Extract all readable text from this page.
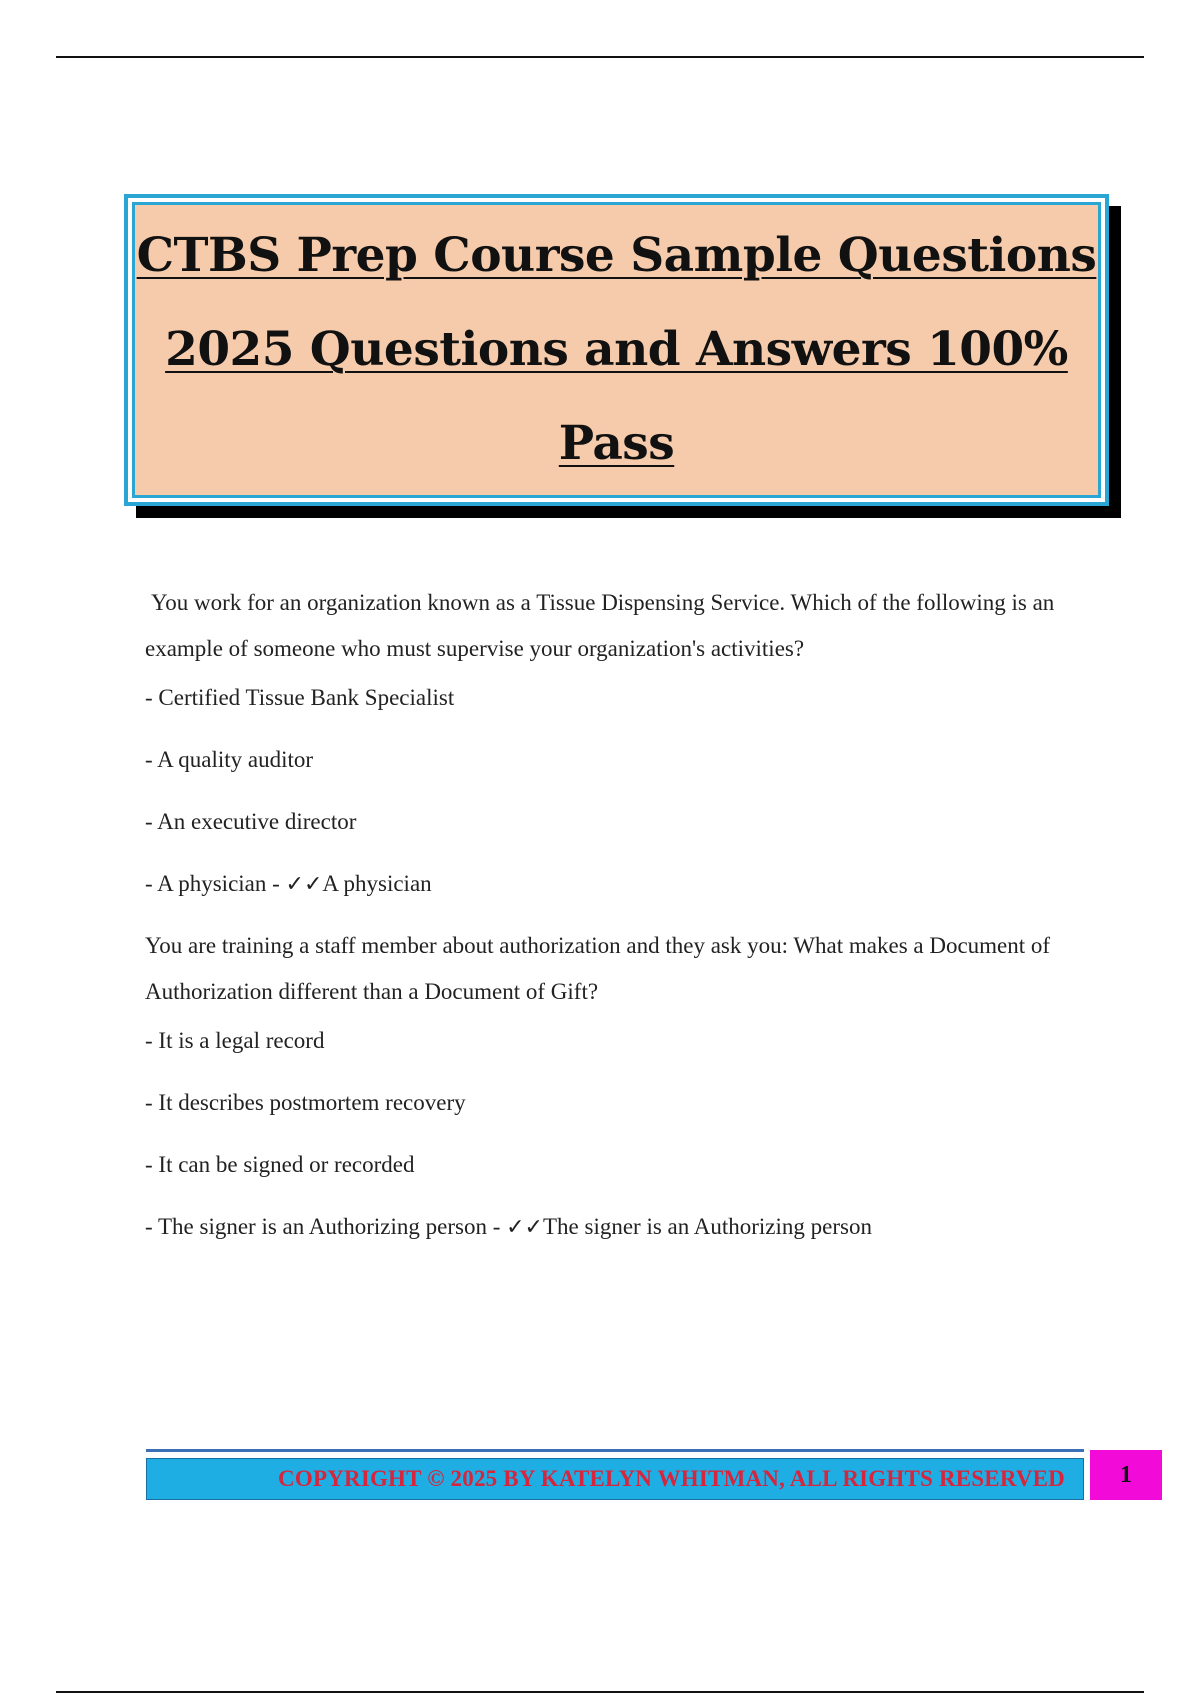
CTBS Prep Course Sample Questions
2025 Questions and Answers 100%
Pass

You work for an organization known as a Tissue Dispensing Service. Which of the following is an example of someone who must supervise your organization's activities?

- Certified Tissue Bank Specialist

- A quality auditor

- An executive director

- A physician - ✓✓A physician

You are training a staff member about authorization and they ask you: What makes a Document of Authorization different than a Document of Gift?

- It is a legal record

- It describes postmortem recovery

- It can be signed or recorded

- The signer is an Authorizing person - ✓✓The signer is an Authorizing person

COPYRIGHT © 2025 BY KATELYN WHITMAN, ALL RIGHTS RESERVED 1
